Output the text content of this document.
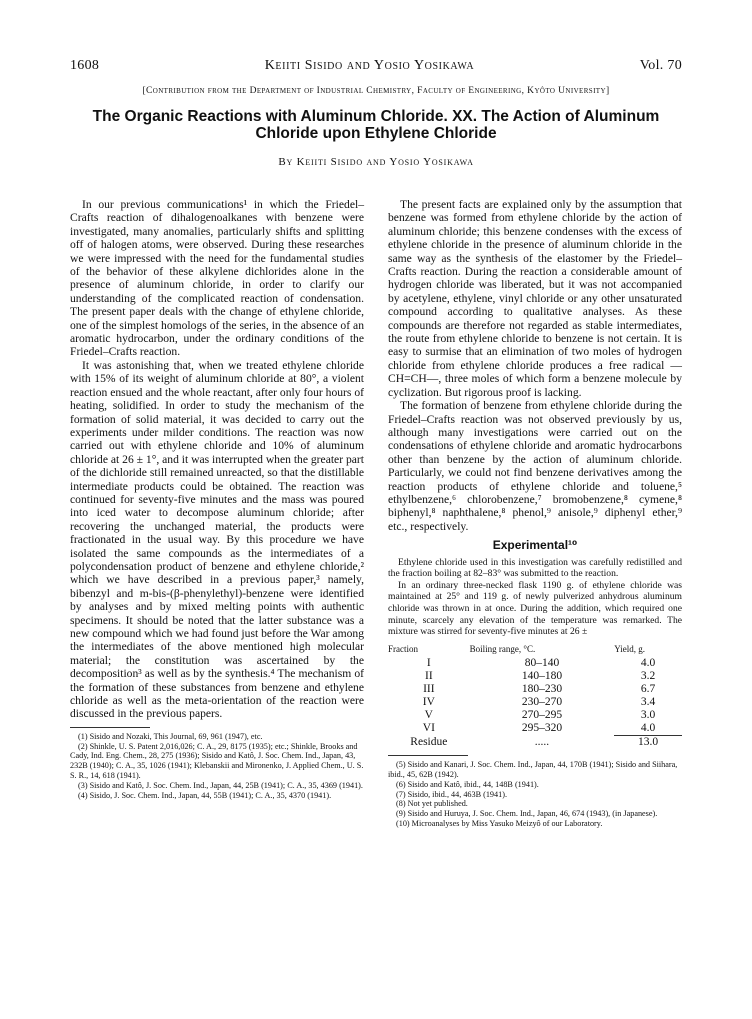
1608	Keiiti Sisido and Yosio Yosikawa	Vol. 70
[Contribution from the Department of Industrial Chemistry, Faculty of Engineering, Kyôto University]
The Organic Reactions with Aluminum Chloride. XX. The Action of Aluminum Chloride upon Ethylene Chloride
By Keiiti Sisido and Yosio Yosikawa

In our previous communications¹ in which the Friedel–Crafts reaction of dihalogenoalkanes with benzene were investigated, many anomalies, particularly shifts and splitting off of halogen atoms, were observed. During these researches we were impressed with the need for the fundamental studies of the behavior of these alkylene dichlorides alone in the presence of aluminum chloride, in order to clarify our understanding of the complicated reaction of condensation. The present paper deals with the change of ethylene chloride, one of the simplest homologs of the series, in the absence of an aromatic hydrocarbon, under the ordinary conditions of the Friedel–Crafts reaction.

It was astonishing that, when we treated ethylene chloride with 15% of its weight of aluminum chloride at 80°, a violent reaction ensued and the whole reactant, after only four hours of heating, solidified. In order to study the mechanism of the formation of solid material, it was decided to carry out the experiments under milder conditions. The reaction was now carried out with ethylene chloride and 10% of aluminum chloride at 26 ± 1°, and it was interrupted when the greater part of the dichloride still remained unreacted, so that the distillable intermediate products could be obtained. The reaction was continued for seventy-five minutes and the mass was poured into iced water to decompose aluminum chloride; after recovering the unchanged material, the products were fractionated in the usual way. By this procedure we have isolated the same compounds as the intermediates of a polycondensation product of benzene and ethylene chloride,² which we have described in a previous paper,³ namely, bibenzyl and m-bis-(β-phenylethyl)-benzene were identified by analyses and by mixed melting points with authentic specimens. It should be noted that the latter substance was a new compound which we had found just before the War among the intermediates of the above mentioned high molecular material; the constitution was ascertained by the decomposition³ as well as by the synthesis.⁴ The mechanism of the formation of these substances from benzene and ethylene chloride as well as the meta-orientation of the reaction were discussed in the previous papers.

(1) Sisido and Nozaki, This Journal, 69, 961 (1947), etc.
(2) Shinkle, U. S. Patent 2,016,026; C. A., 29, 8175 (1935); etc.; Shinkle, Brooks and Cady, Ind. Eng. Chem., 28, 275 (1936); Sisido and Katô, J. Soc. Chem. Ind., Japan, 43, 232B (1940); C. A., 35, 1026 (1941); Klebanskii and Mironenko, J. Applied Chem., U. S. S. R., 14, 618 (1941).
(3) Sisido and Katô, J. Soc. Chem. Ind., Japan, 44, 25B (1941); C. A., 35, 4369 (1941).
(4) Sisido, J. Soc. Chem. Ind., Japan, 44, 55B (1941); C. A., 35, 4370 (1941).

The present facts are explained only by the assumption that benzene was formed from ethylene chloride by the action of aluminum chloride; this benzene condenses with the excess of ethylene chloride in the presence of aluminum chloride in the same way as the synthesis of the elastomer by the Friedel–Crafts reaction. During the reaction a considerable amount of hydrogen chloride was liberated, but it was not accompanied by acetylene, ethylene, vinyl chloride or any other unsaturated compound according to qualitative analyses. As these compounds are therefore not regarded as stable intermediates, the route from ethylene chloride to benzene is not certain. It is easy to surmise that an elimination of two moles of hydrogen chloride from ethylene chloride produces a free radical —CH=CH—, three moles of which form a benzene molecule by cyclization. But rigorous proof is lacking.

The formation of benzene from ethylene chloride during the Friedel–Crafts reaction was not observed previously by us, although many investigations were carried out on the condensations of ethylene chloride and aromatic hydrocarbons other than benzene by the action of aluminum chloride. Particularly, we could not find benzene derivatives among the reaction products of ethylene chloride and toluene,⁵ ethylbenzene,⁶ chlorobenzene,⁷ bromobenzene,⁸ cymene,⁸ biphenyl,⁸ naphthalene,⁸ phenol,⁹ anisole,⁹ diphenyl ether,⁹ etc., respectively.

Experimental¹⁰

Ethylene chloride used in this investigation was carefully redistilled and the fraction boiling at 82–83° was submitted to the reaction.

In an ordinary three-necked flask 1190 g. of ethylene chloride was maintained at 25° and 119 g. of newly pulverized anhydrous aluminum chloride was thrown in at once. During the addition, which required one minute, scarcely any elevation of the temperature was remarked. The mixture was stirred for seventy-five minutes at 26 ±

Fraction	Boiling range, °C.	Yield, g.
I	80–140	4.0
II	140–180	3.2
III	180–230	6.7
IV	230–270	3.4
V	270–295	3.0
VI	295–320	4.0
Residue	.....	13.0
(5) Sisido and Kanari, J. Soc. Chem. Ind., Japan, 44, 170B (1941); Sisido and Siihara, ibid., 45, 62B (1942).
(6) Sisido and Katô, ibid., 44, 148B (1941).
(7) Sisido, ibid., 44, 463B (1941).
(8) Not yet published.
(9) Sisido and Huruya, J. Soc. Chem. Ind., Japan, 46, 674 (1943), (in Japanese).
(10) Microanalyses by Miss Yasuko Meizyô of our Laboratory.
